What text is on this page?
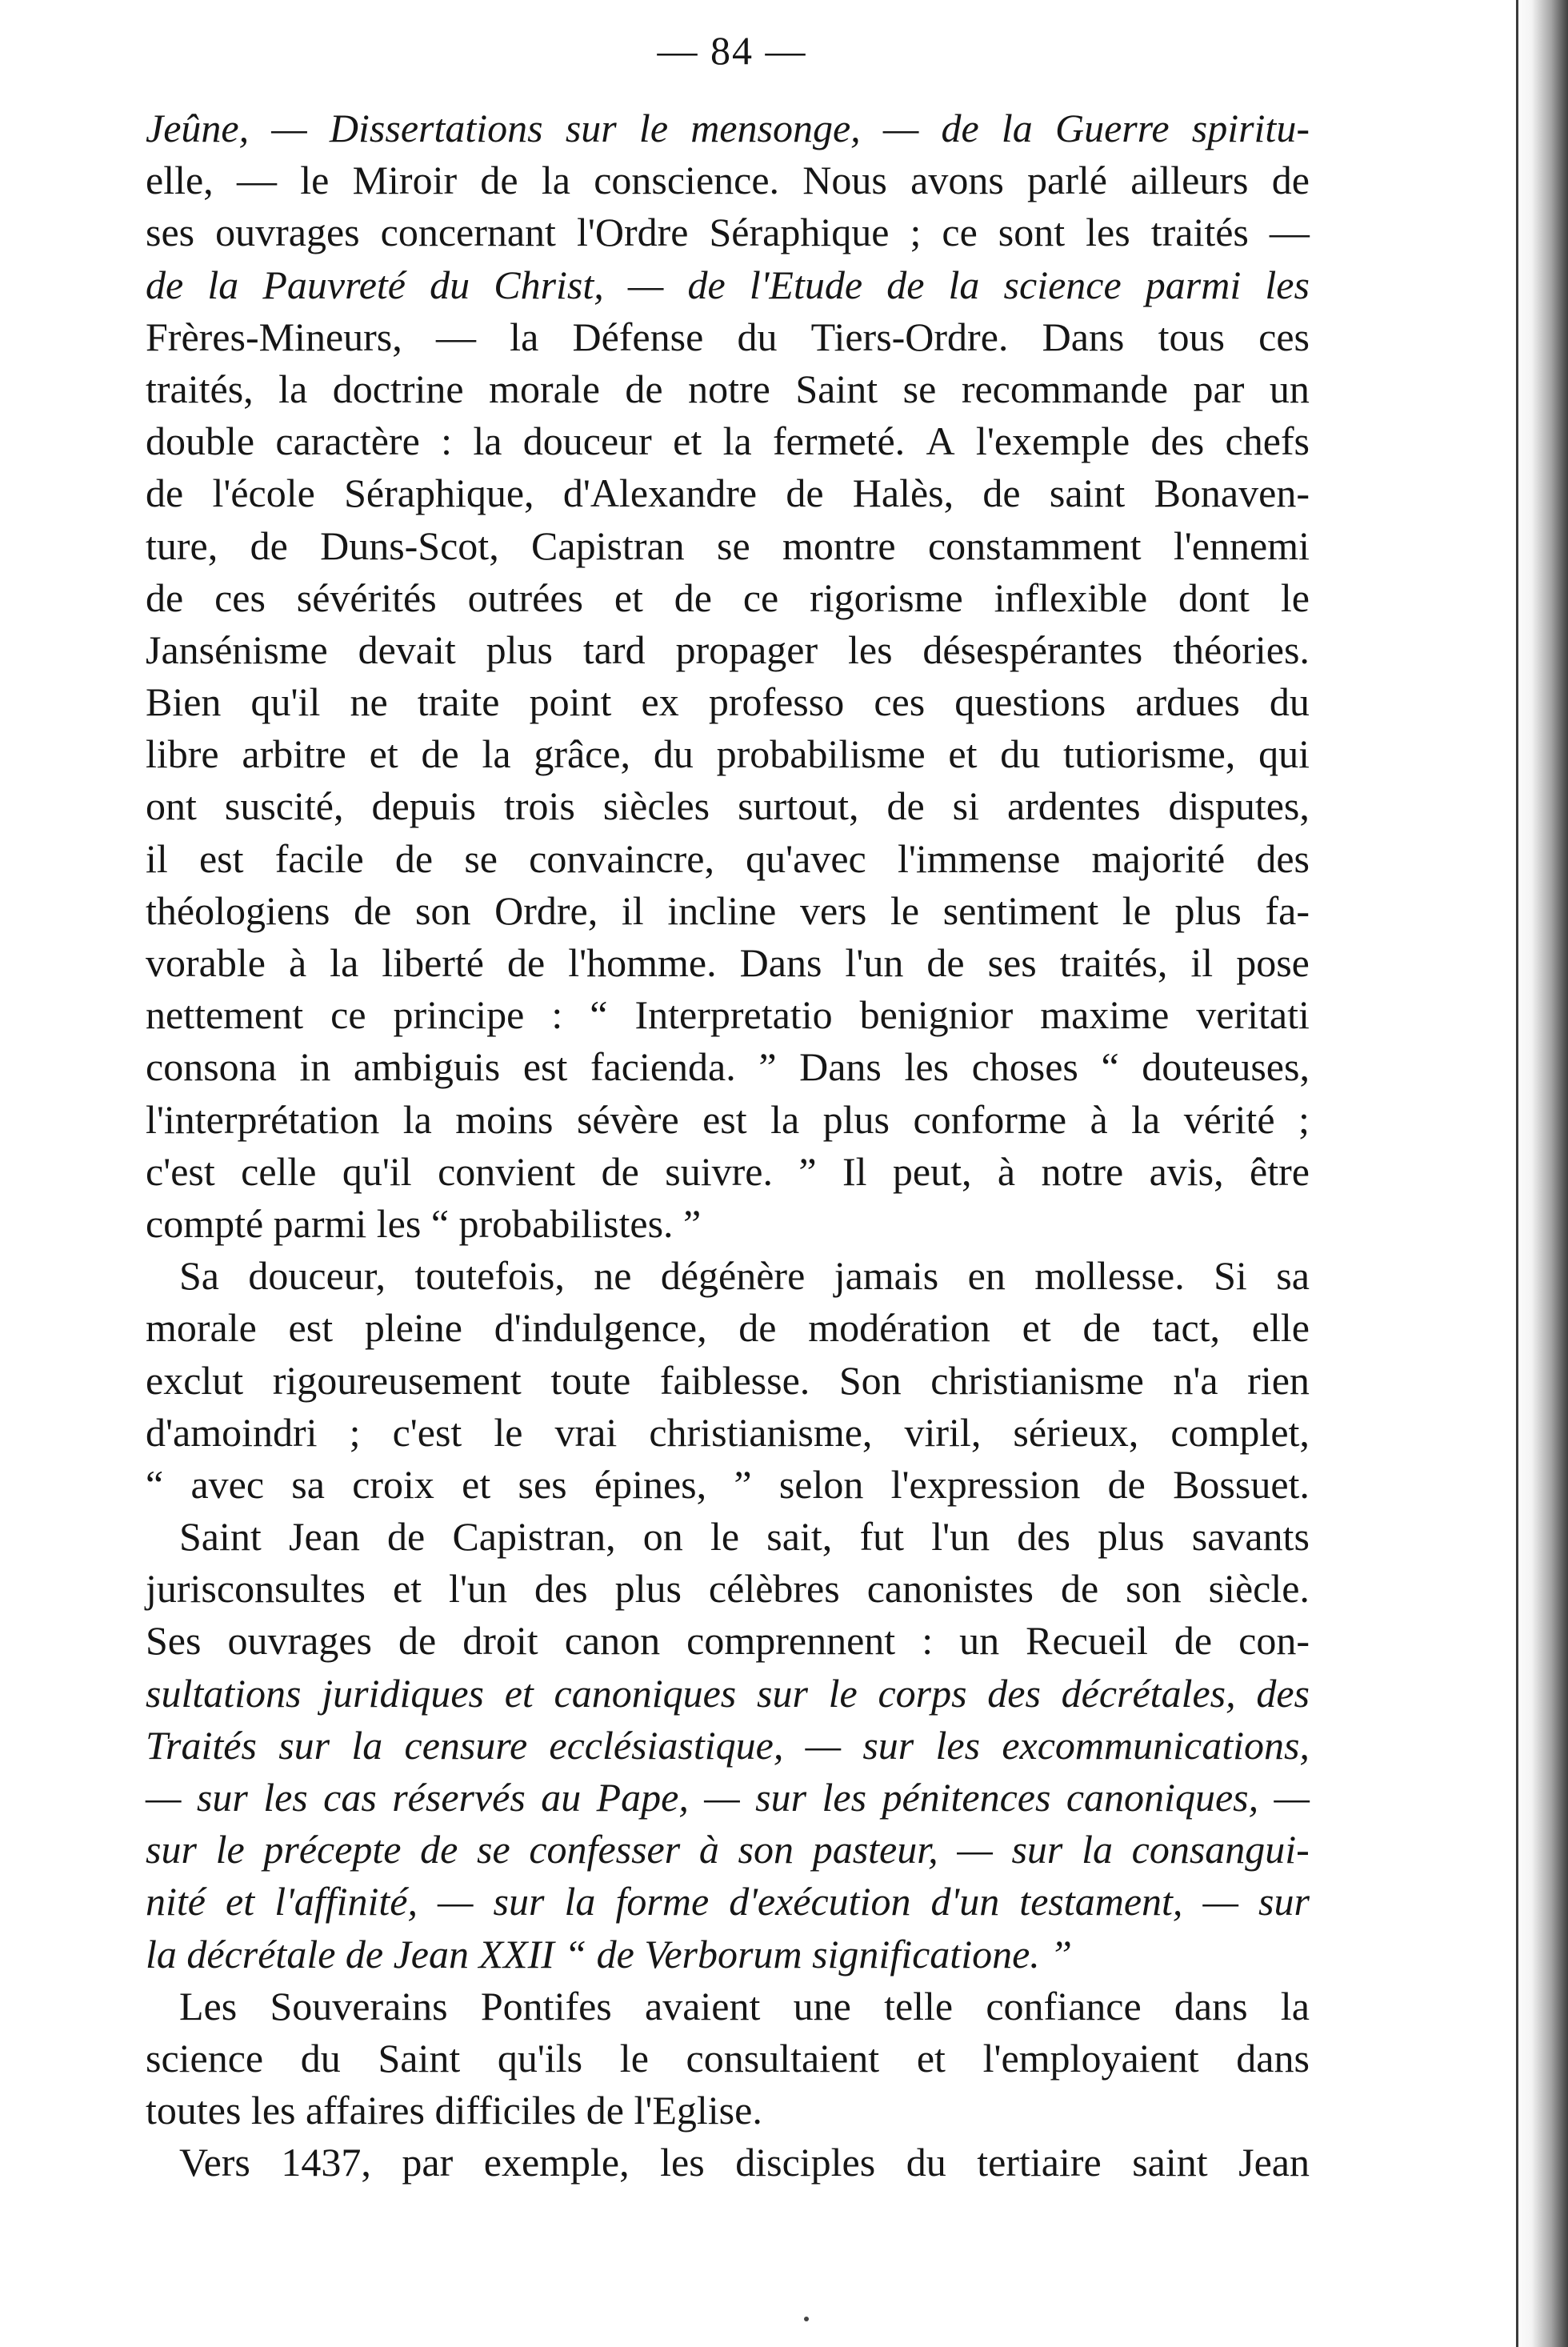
— 84 —
Jeûne, — Dissertations sur le mensonge, — de la Guerre spiritu-
elle, — le Miroir de la conscience. Nous avons parlé ailleurs de
ses ouvrages concernant l'Ordre Séraphique ; ce sont les traités —
de la Pauvreté du Christ, — de l'Etude de la science parmi les
Frères-Mineurs, — la Défense du Tiers-Ordre. Dans tous ces
traités, la doctrine morale de notre Saint se recommande par un
double caractère : la douceur et la fermeté. A l'exemple des chefs
de l'école Séraphique, d'Alexandre de Halès, de saint Bonaven-
ture, de Duns-Scot, Capistran se montre constamment l'ennemi
de ces sévérités outrées et de ce rigorisme inflexible dont le
Jansénisme devait plus tard propager les désespérantes théories.
Bien qu'il ne traite point ex professo ces questions ardues du
libre arbitre et de la grâce, du probabilisme et du tutiorisme, qui
ont suscité, depuis trois siècles surtout, de si ardentes disputes,
il est facile de se convaincre, qu'avec l'immense majorité des
théologiens de son Ordre, il incline vers le sentiment le plus fa-
vorable à la liberté de l'homme. Dans l'un de ses traités, il pose
nettement ce principe : “ Interpretatio benignior maxime veritati
consona in ambiguis est facienda. ” Dans les choses “ douteuses,
l'interprétation la moins sévère est la plus conforme à la vérité ;
c'est celle qu'il convient de suivre. ” Il peut, à notre avis, être
compté parmi les “ probabilistes. ”
Sa douceur, toutefois, ne dégénère jamais en mollesse. Si sa
morale est pleine d'indulgence, de modération et de tact, elle
exclut rigoureusement toute faiblesse. Son christianisme n'a rien
d'amoindri ; c'est le vrai christianisme, viril, sérieux, complet,
“ avec sa croix et ses épines, ” selon l'expression de Bossuet.
Saint Jean de Capistran, on le sait, fut l'un des plus savants
jurisconsultes et l'un des plus célèbres canonistes de son siècle.
Ses ouvrages de droit canon comprennent : un Recueil de con-
sultations juridiques et canoniques sur le corps des décrétales, des
Traités sur la censure ecclésiastique, — sur les excommunications,
— sur les cas réservés au Pape, — sur les pénitences canoniques, —
sur le précepte de se confesser à son pasteur, — sur la consangui-
nité et l'affinité, — sur la forme d'exécution d'un testament, — sur
la décrétale de Jean XXII “ de Verborum significatione. ”
Les Souverains Pontifes avaient une telle confiance dans la
science du Saint qu'ils le consultaient et l'employaient dans
toutes les affaires difficiles de l'Eglise.
Vers 1437, par exemple, les disciples du tertiaire saint Jean
